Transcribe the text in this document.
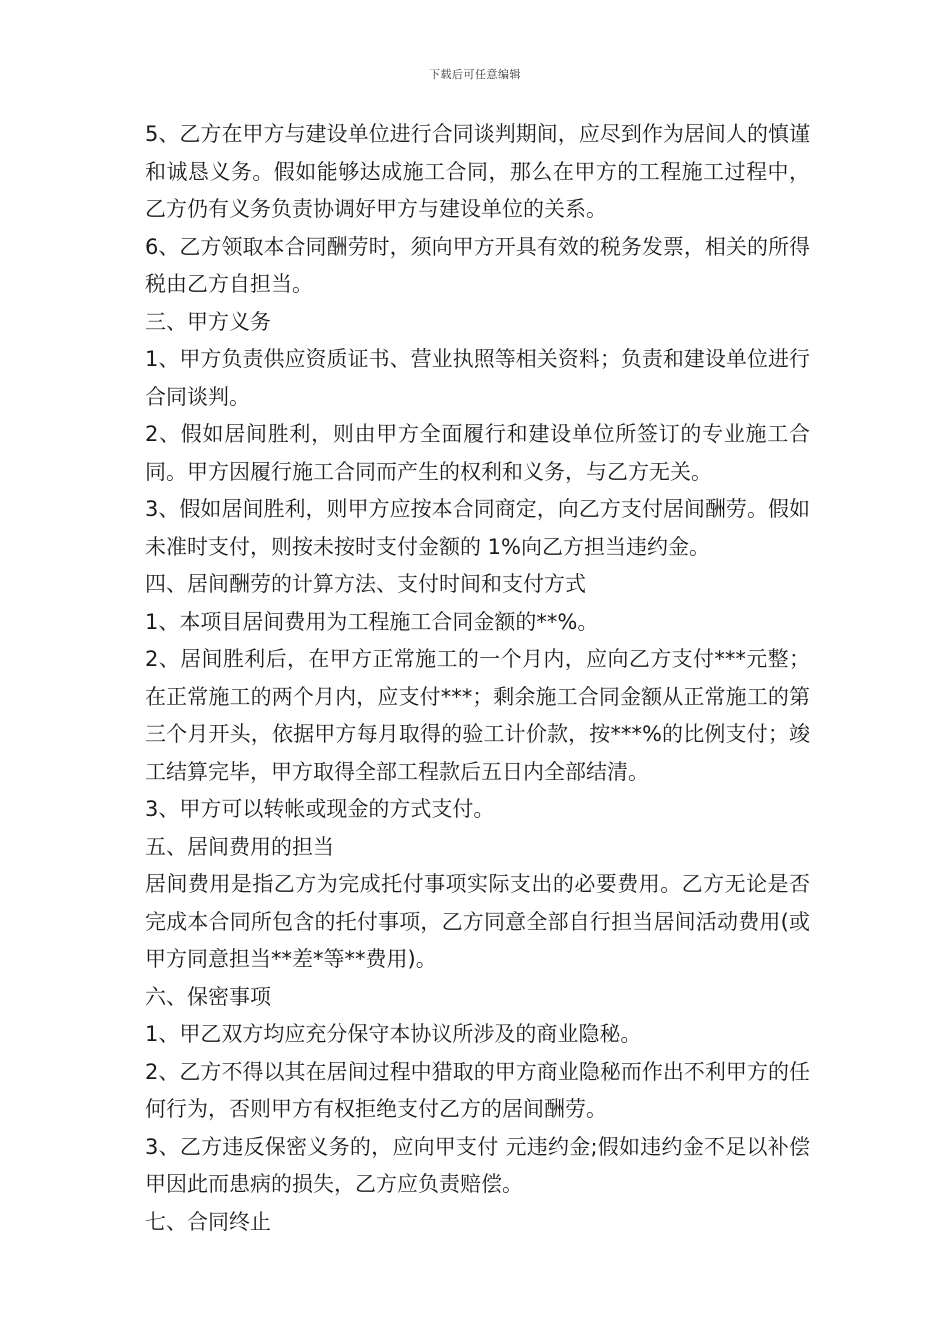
下载后可任意编辑

5、乙方在甲方与建设单位进行合同谈判期间，应尽到作为居间人的慎谨和诚恳义务。假如能够达成施工合同，那么在甲方的工程施工过程中，乙方仍有义务负责协调好甲方与建设单位的关系。

6、乙方领取本合同酬劳时，须向甲方开具有效的税务发票，相关的所得税由乙方自担当。

三、甲方义务

1、甲方负责供应资质证书、营业执照等相关资料；负责和建设单位进行合同谈判。

2、假如居间胜利，则由甲方全面履行和建设单位所签订的专业施工合同。甲方因履行施工合同而产生的权利和义务，与乙方无关。

3、假如居间胜利，则甲方应按本合同商定，向乙方支付居间酬劳。假如未准时支付，则按未按时支付金额的 1%向乙方担当违约金。

四、居间酬劳的计算方法、支付时间和支付方式

1、本项目居间费用为工程施工合同金额的**%。

2、居间胜利后，在甲方正常施工的一个月内，应向乙方支付***元整；在正常施工的两个月内，应支付***；剩余施工合同金额从正常施工的第三个月开头，依据甲方每月取得的验工计价款，按***%的比例支付；竣工结算完毕，甲方取得全部工程款后五日内全部结清。

3、甲方可以转帐或现金的方式支付。

五、居间费用的担当

居间费用是指乙方为完成托付事项实际支出的必要费用。乙方无论是否完成本合同所包含的托付事项，乙方同意全部自行担当居间活动费用(或甲方同意担当**差*等**费用)。

六、保密事项

1、甲乙双方均应充分保守本协议所涉及的商业隐秘。

2、乙方不得以其在居间过程中猎取的甲方商业隐秘而作出不利甲方的任何行为，否则甲方有权拒绝支付乙方的居间酬劳。

3、乙方违反保密义务的，应向甲支付 元违约金;假如违约金不足以补偿甲因此而患病的损失，乙方应负责赔偿。

七、合同终止
